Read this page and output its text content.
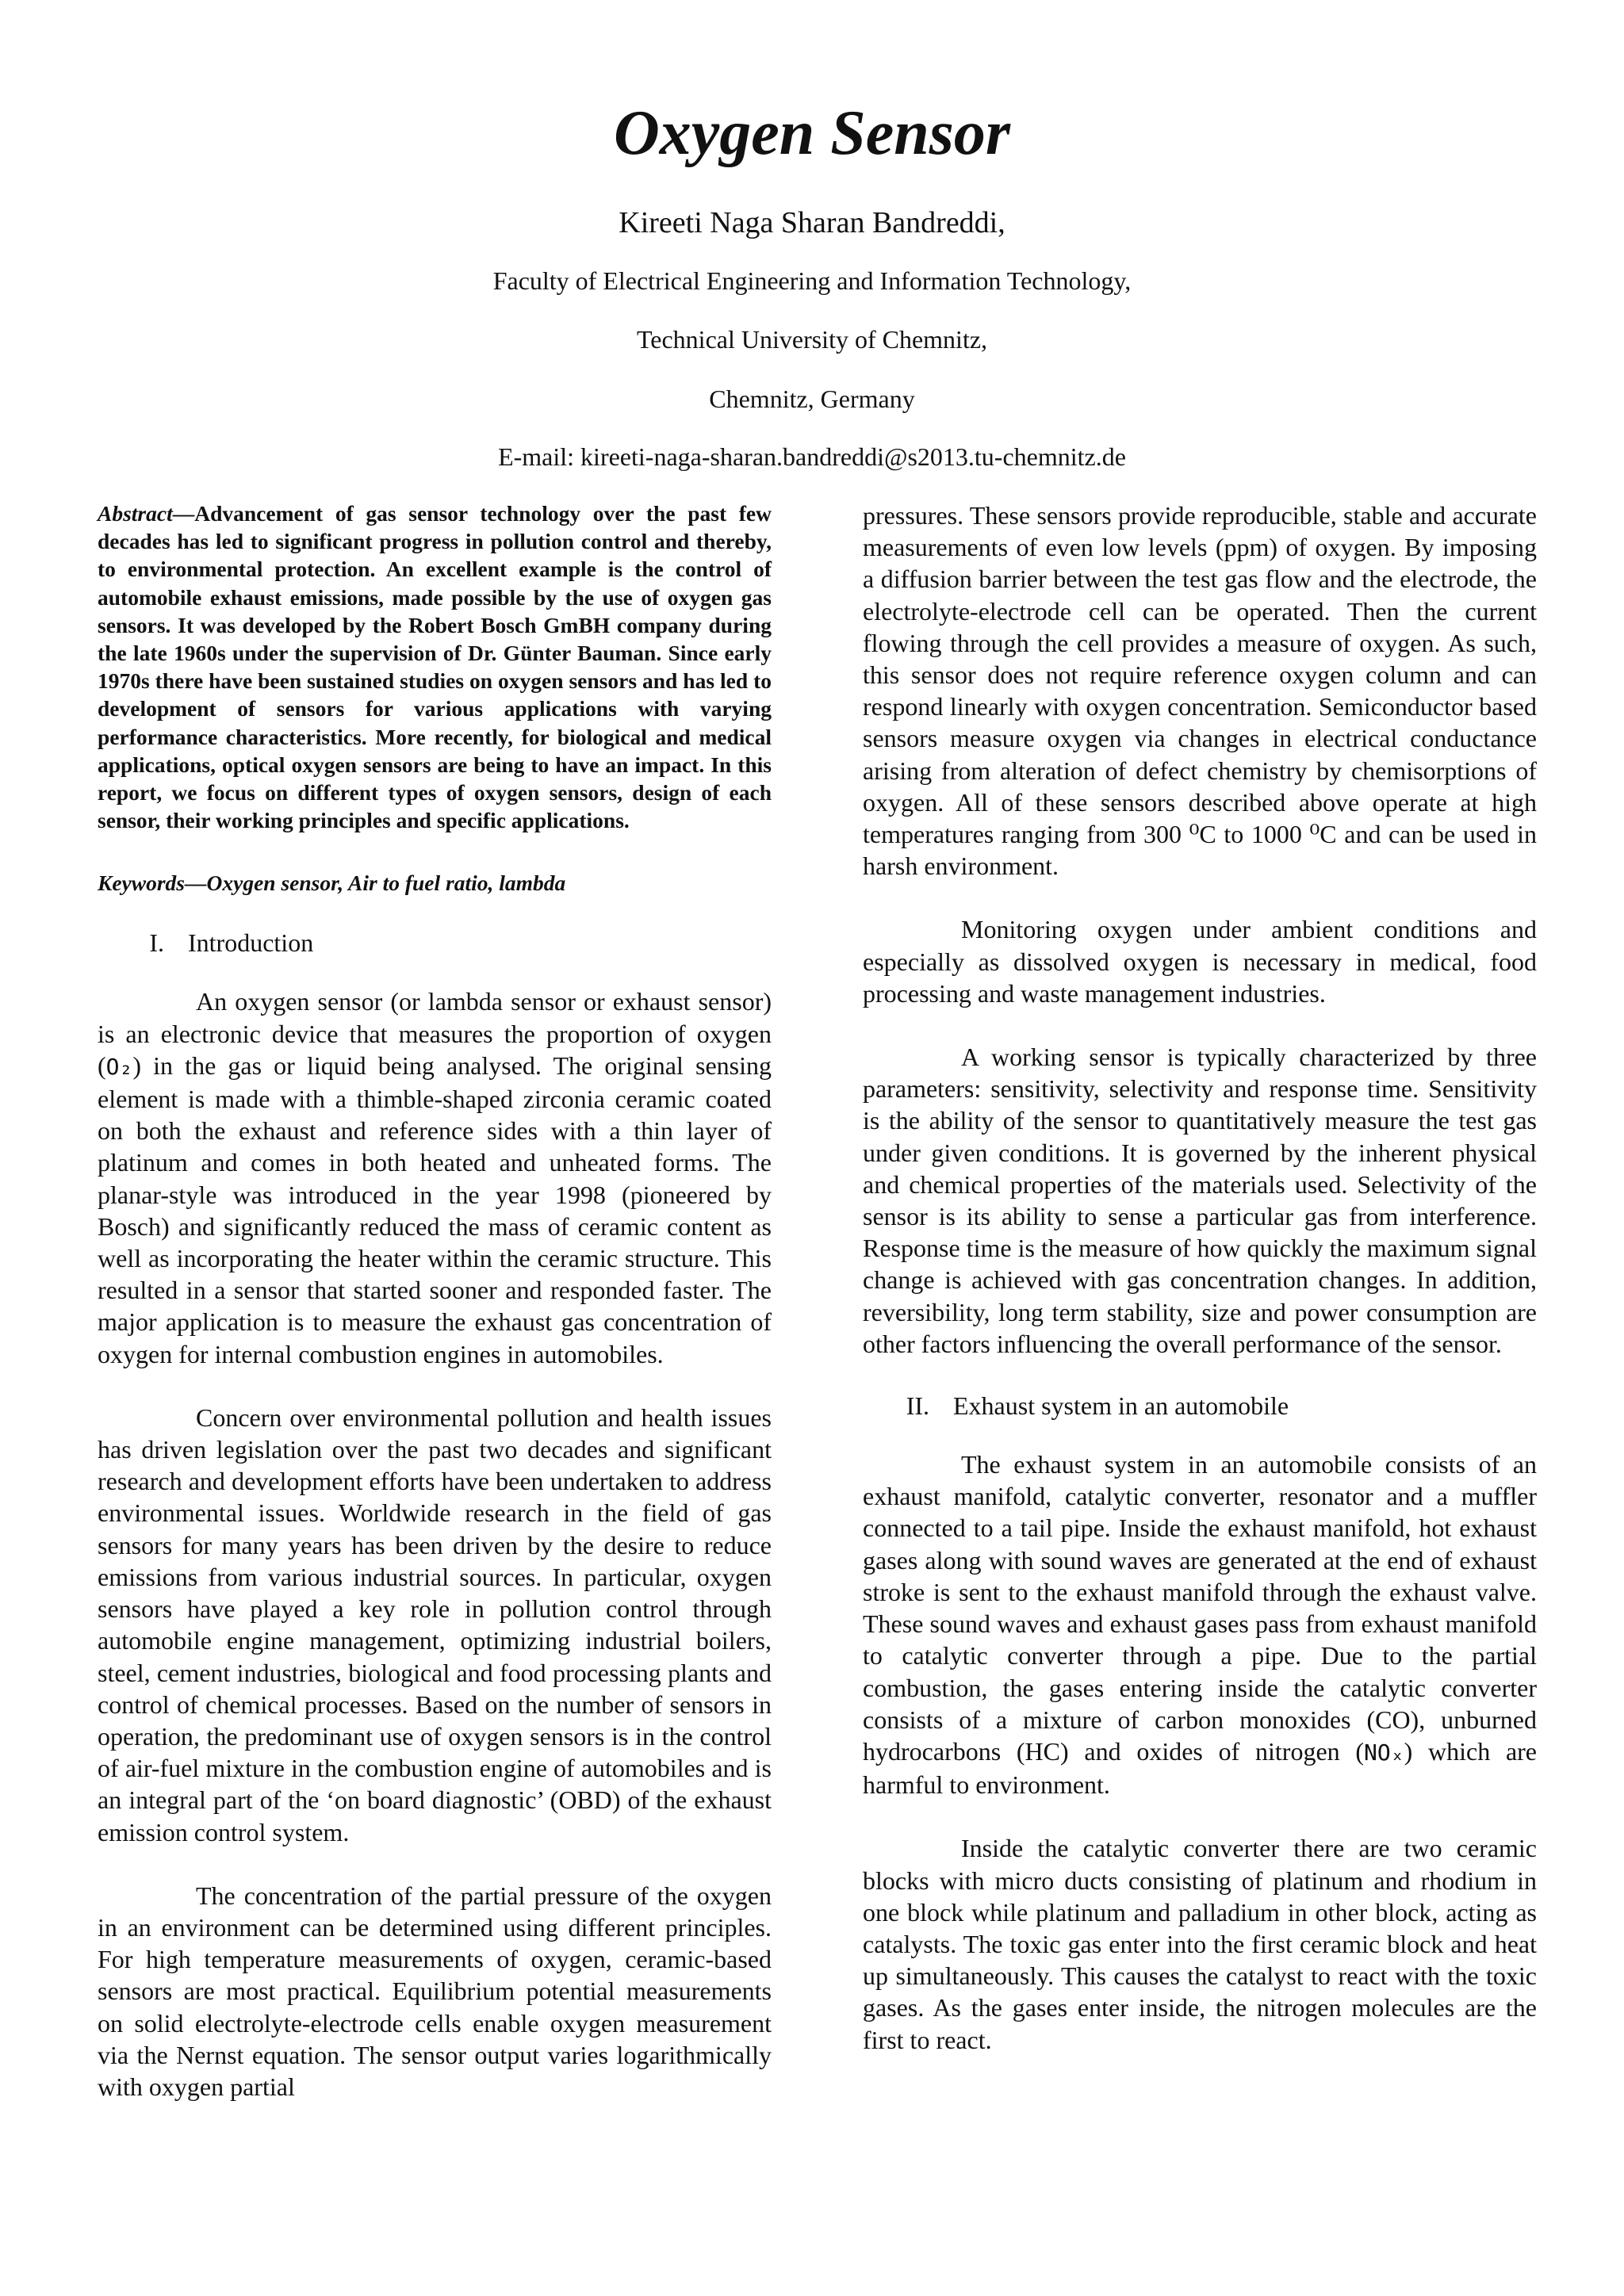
Oxygen Sensor
Kireeti Naga Sharan Bandreddi,
Faculty of Electrical Engineering and Information Technology,
Technical University of Chemnitz,
Chemnitz, Germany
E-mail: kireeti-naga-sharan.bandreddi@s2013.tu-chemnitz.de

Abstract—Advancement of gas sensor technology over the past few decades has led to significant progress in pollution control and thereby, to environmental protection. An excellent example is the control of automobile exhaust emissions, made possible by the use of oxygen gas sensors. It was developed by the Robert Bosch GmBH company during the late 1960s under the supervision of Dr. Günter Bauman. Since early 1970s there have been sustained studies on oxygen sensors and has led to development of sensors for various applications with varying performance characteristics. More recently, for biological and medical applications, optical oxygen sensors are being to have an impact. In this report, we focus on different types of oxygen sensors, design of each sensor, their working principles and specific applications.

Keywords—Oxygen sensor, Air to fuel ratio, lambda

I. Introduction

An oxygen sensor (or lambda sensor or exhaust sensor) is an electronic device that measures the proportion of oxygen (O₂) in the gas or liquid being analysed. The original sensing element is made with a thimble-shaped zirconia ceramic coated on both the exhaust and reference sides with a thin layer of platinum and comes in both heated and unheated forms. The planar-style was introduced in the year 1998 (pioneered by Bosch) and significantly reduced the mass of ceramic content as well as incorporating the heater within the ceramic structure. This resulted in a sensor that started sooner and responded faster. The major application is to measure the exhaust gas concentration of oxygen for internal combustion engines in automobiles.

Concern over environmental pollution and health issues has driven legislation over the past two decades and significant research and development efforts have been undertaken to address environmental issues. Worldwide research in the field of gas sensors for many years has been driven by the desire to reduce emissions from various industrial sources. In particular, oxygen sensors have played a key role in pollution control through automobile engine management, optimizing industrial boilers, steel, cement industries, biological and food processing plants and control of chemical processes. Based on the number of sensors in operation, the predominant use of oxygen sensors is in the control of air-fuel mixture in the combustion engine of automobiles and is an integral part of the ‘on board diagnostic’ (OBD) of the exhaust emission control system.

The concentration of the partial pressure of the oxygen in an environment can be determined using different principles. For high temperature measurements of oxygen, ceramic-based sensors are most practical. Equilibrium potential measurements on solid electrolyte-electrode cells enable oxygen measurement via the Nernst equation. The sensor output varies logarithmically with oxygen partial

pressures. These sensors provide reproducible, stable and accurate measurements of even low levels (ppm) of oxygen. By imposing a diffusion barrier between the test gas flow and the electrode, the electrolyte-electrode cell can be operated. Then the current flowing through the cell provides a measure of oxygen. As such, this sensor does not require reference oxygen column and can respond linearly with oxygen concentration. Semiconductor based sensors measure oxygen via changes in electrical conductance arising from alteration of defect chemistry by chemisorptions of oxygen. All of these sensors described above operate at high temperatures ranging from 300 ⁰C to 1000 ⁰C and can be used in harsh environment.

Monitoring oxygen under ambient conditions and especially as dissolved oxygen is necessary in medical, food processing and waste management industries.

A working sensor is typically characterized by three parameters: sensitivity, selectivity and response time. Sensitivity is the ability of the sensor to quantitatively measure the test gas under given conditions. It is governed by the inherent physical and chemical properties of the materials used. Selectivity of the sensor is its ability to sense a particular gas from interference. Response time is the measure of how quickly the maximum signal change is achieved with gas concentration changes. In addition, reversibility, long term stability, size and power consumption are other factors influencing the overall performance of the sensor.

II. Exhaust system in an automobile

The exhaust system in an automobile consists of an exhaust manifold, catalytic converter, resonator and a muffler connected to a tail pipe. Inside the exhaust manifold, hot exhaust gases along with sound waves are generated at the end of exhaust stroke is sent to the exhaust manifold through the exhaust valve. These sound waves and exhaust gases pass from exhaust manifold to catalytic converter through a pipe. Due to the partial combustion, the gases entering inside the catalytic converter consists of a mixture of carbon monoxides (CO), unburned hydrocarbons (HC) and oxides of nitrogen (NOₓ) which are harmful to environment.

Inside the catalytic converter there are two ceramic blocks with micro ducts consisting of platinum and rhodium in one block while platinum and palladium in other block, acting as catalysts. The toxic gas enter into the first ceramic block and heat up simultaneously. This causes the catalyst to react with the toxic gases. As the gases enter inside, the nitrogen molecules are the first to react.
